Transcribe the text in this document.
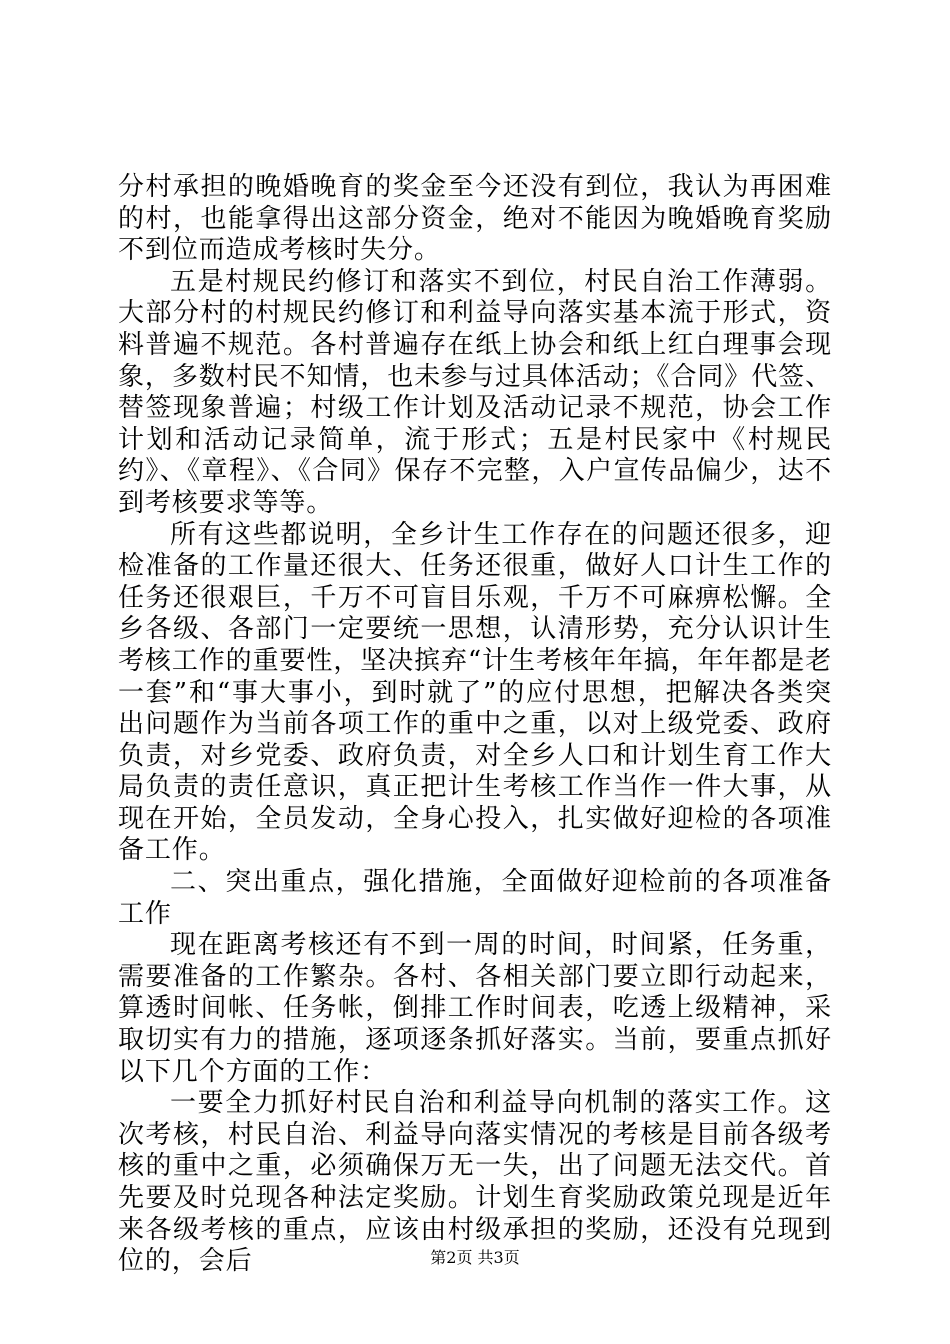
分村承担的晚婚晚育的奖金至今还没有到位，我认为再困难的村，也能拿得出这部分资金，绝对不能因为晚婚晚育奖励不到位而造成考核时失分。

五是村规民约修订和落实不到位，村民自治工作薄弱。大部分村的村规民约修订和利益导向落实基本流于形式，资料普遍不规范。各村普遍存在纸上协会和纸上红白理事会现象，多数村民不知情，也未参与过具体活动；《合同》代签、替签现象普遍；村级工作计划及活动记录不规范，协会工作计划和活动记录简单，流于形式；五是村民家中《村规民约》、《章程》、《合同》保存不完整，入户宣传品偏少，达不到考核要求等等。

所有这些都说明，全乡计生工作存在的问题还很多，迎检准备的工作量还很大、任务还很重，做好人口计生工作的任务还很艰巨，千万不可盲目乐观，千万不可麻痹松懈。全乡各级、各部门一定要统一思想，认清形势，充分认识计生考核工作的重要性，坚决摈弃“计生考核年年搞，年年都是老一套”和“事大事小，到时就了”的应付思想，把解决各类突出问题作为当前各项工作的重中之重，以对上级党委、政府负责，对乡党委、政府负责，对全乡人口和计划生育工作大局负责的责任意识，真正把计生考核工作当作一件大事，从现在开始，全员发动，全身心投入，扎实做好迎检的各项准备工作。

二、突出重点，强化措施，全面做好迎检前的各项准备工作

现在距离考核还有不到一周的时间，时间紧，任务重，需要准备的工作繁杂。各村、各相关部门要立即行动起来，算透时间帐、任务帐，倒排工作时间表，吃透上级精神，采取切实有力的措施，逐项逐条抓好落实。当前，要重点抓好以下几个方面的工作：

一要全力抓好村民自治和利益导向机制的落实工作。这次考核，村民自治、利益导向落实情况的考核是目前各级考核的重中之重，必须确保万无一失，出了问题无法交代。首先要及时兑现各种法定奖励。计划生育奖励政策兑现是近年来各级考核的重点，应该由村级承担的奖励，还没有兑现到位的，会后	第2页 共3页
